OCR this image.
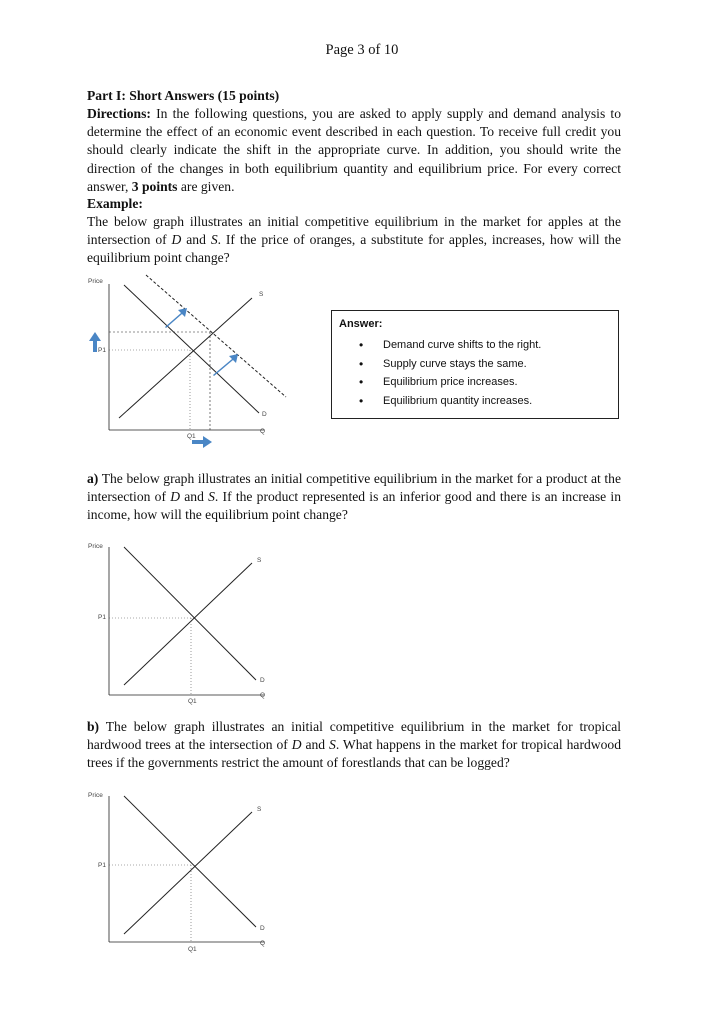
Page 3 of 10
Part I: Short Answers (15 points)
Directions: In the following questions, you are asked to apply supply and demand analysis to determine the effect of an economic event described in each question. To receive full credit you should clearly indicate the shift in the appropriate curve. In addition, you should write the direction of the changes in both equilibrium quantity and equilibrium price. For every correct answer, 3 points are given.
Example:
The below graph illustrates an initial competitive equilibrium in the market for apples at the intersection of D and S. If the price of oranges, a substitute for apples, increases, how will the equilibrium point change?
Price
P1
Q1
S
D
Q
Answer:
• Demand curve shifts to the right.
• Supply curve stays the same.
• Equilibrium price increases.
• Equilibrium quantity increases.
a) The below graph illustrates an initial competitive equilibrium in the market for a product at the intersection of D and S. If the product represented is an inferior good and there is an increase in income, how will the equilibrium point change?
Price
P1
Q1
S
D
Q
b) The below graph illustrates an initial competitive equilibrium in the market for tropical hardwood trees at the intersection of D and S. What happens in the market for tropical hardwood trees if the governments restrict the amount of forestlands that can be logged?
Price
P1
Q1
S
D
Q
